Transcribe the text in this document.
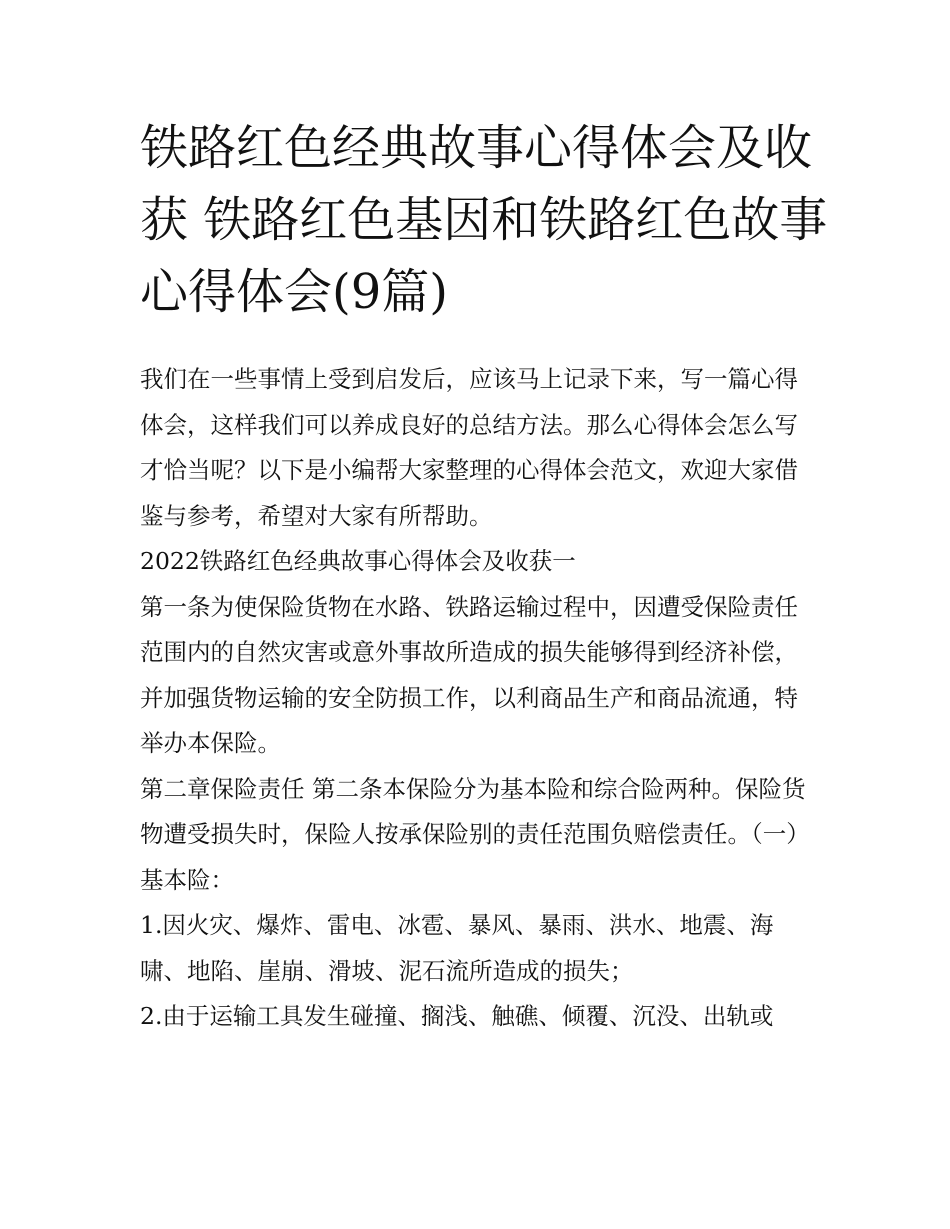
铁路红色经典故事心得体会及收获 铁路红色基因和铁路红色故事心得体会(9篇)

我们在一些事情上受到启发后，应该马上记录下来，写一篇心得体会，这样我们可以养成良好的总结方法。那么心得体会怎么写才恰当呢？以下是小编帮大家整理的心得体会范文，欢迎大家借鉴与参考，希望对大家有所帮助。

2022铁路红色经典故事心得体会及收获一

第一条为使保险货物在水路、铁路运输过程中，因遭受保险责任范围内的自然灾害或意外事故所造成的损失能够得到经济补偿，并加强货物运输的安全防损工作，以利商品生产和商品流通，特举办本保险。

第二章保险责任 第二条本保险分为基本险和综合险两种。保险货物遭受损失时，保险人按承保险别的责任范围负赔偿责任。（一）基本险：

1.因火灾、爆炸、雷电、冰雹、暴风、暴雨、洪水、地震、海啸、地陷、崖崩、滑坡、泥石流所造成的损失；

2.由于运输工具发生碰撞、搁浅、触礁、倾覆、沉没、出轨或
